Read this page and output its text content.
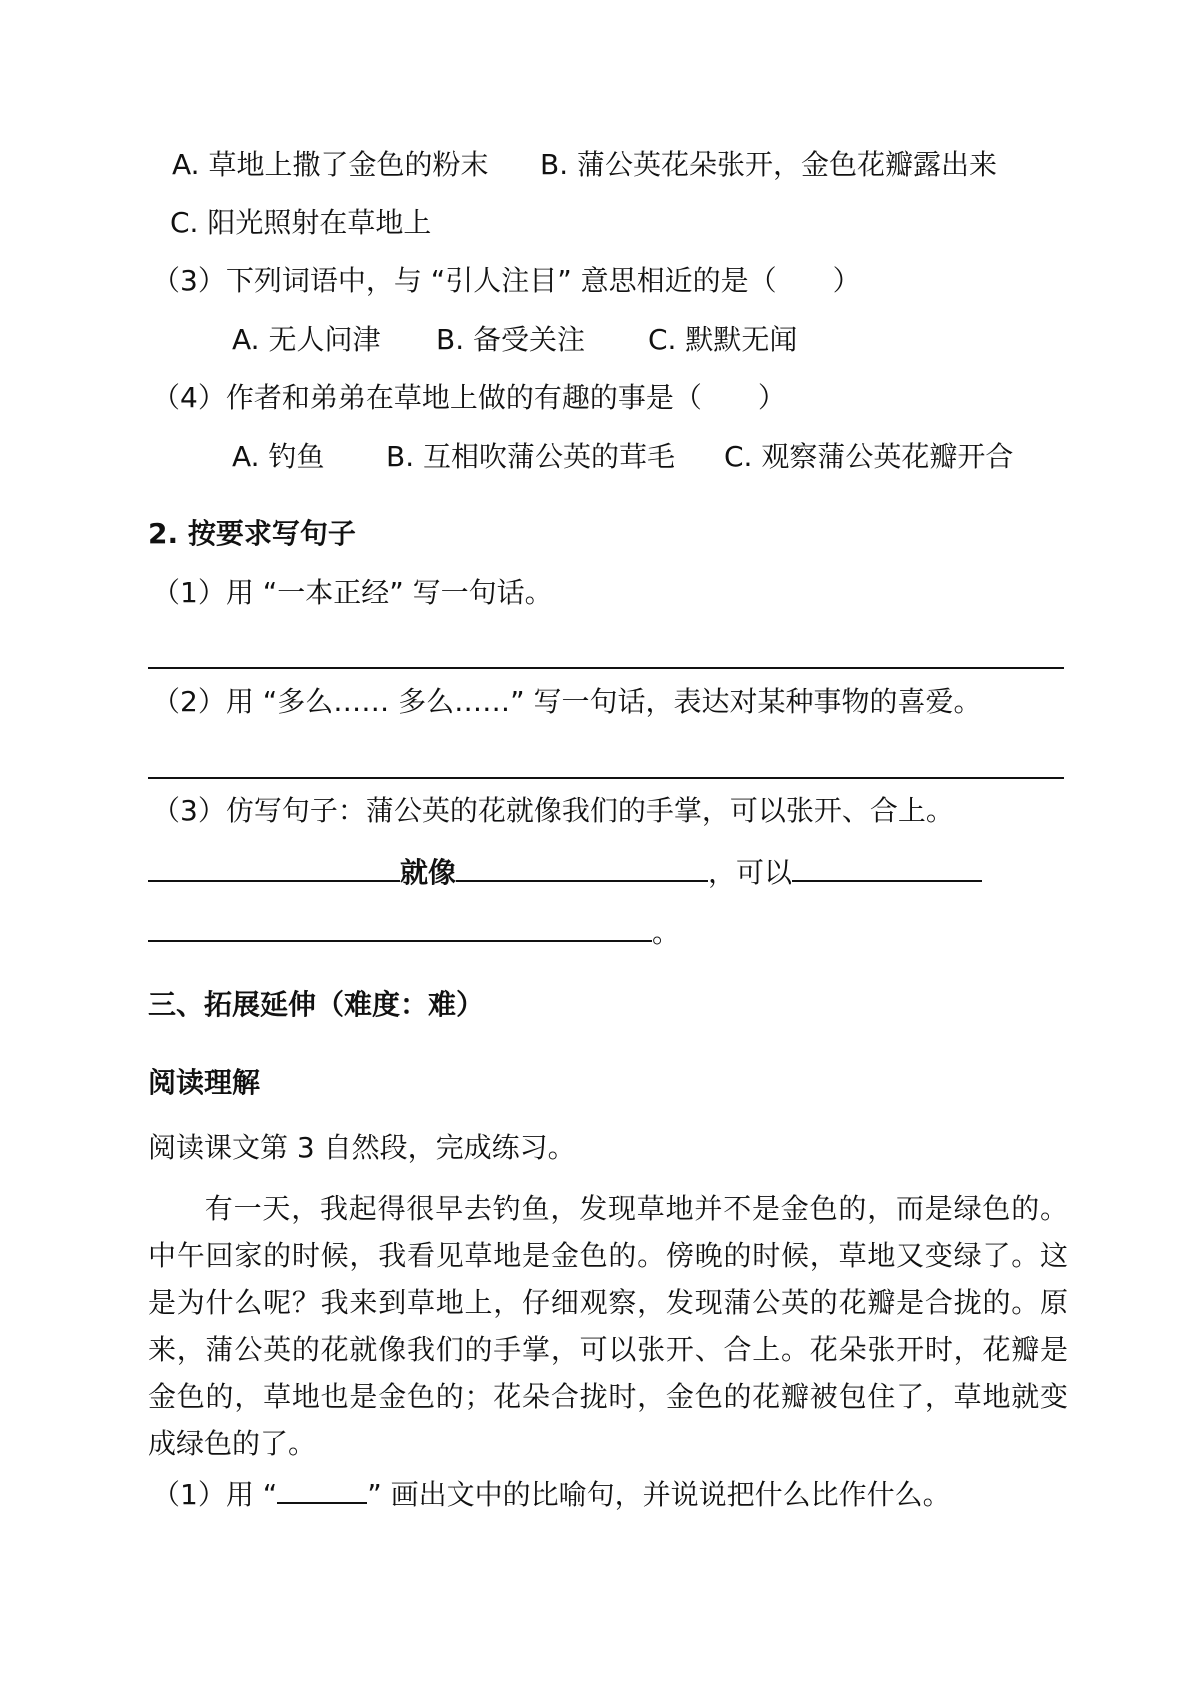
A. 草地上撒了金色的粉末 B. 蒲公英花朵张开，金色花瓣露出来
C. 阳光照射在草地上
（3）下列词语中，与 “引人注目” 意思相近的是（　　）
A. 无人问津 B. 备受关注 C. 默默无闻
（4）作者和弟弟在草地上做的有趣的事是（　　）
A. 钓鱼 B. 互相吹蒲公英的茸毛 C. 观察蒲公英花瓣开合
2. 按要求写句子
（1）用 “一本正经” 写一句话。
（2）用 “多么…… 多么……” 写一句话，表达对某种事物的喜爱。
（3）仿写句子：蒲公英的花就像我们的手掌，可以张开、合上。
就像	，可以
。
三、拓展延伸（难度：难）
阅读理解
阅读课文第 3 自然段，完成练习。
有一天，我起得很早去钓鱼，发现草地并不是金色的，而是绿色的。中午回家的时候，我看见草地是金色的。傍晚的时候，草地又变绿了。这是为什么呢？我来到草地上，仔细观察，发现蒲公英的花瓣是合拢的。原来，蒲公英的花就像我们的手掌，可以张开、合上。花朵张开时，花瓣是金色的，草地也是金色的；花朵合拢时，金色的花瓣被包住了，草地就变成绿色的了。
（1）用 “	” 画出文中的比喻句，并说说把什么比作什么。
